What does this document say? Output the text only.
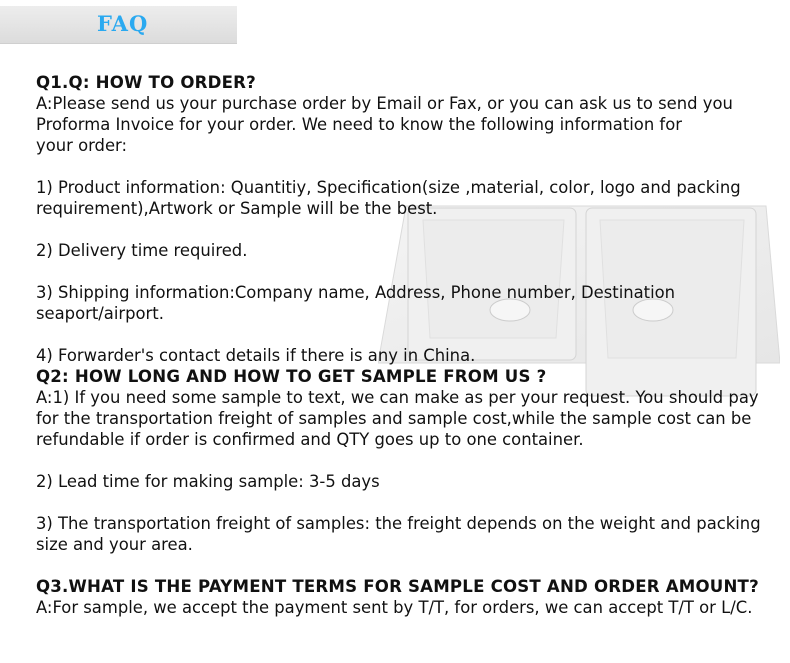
FAQ

Q1.Q: HOW TO ORDER?

A:Please send us your purchase order by Email or Fax, or you can ask us to send you

Proforma Invoice for your order. We need to know the following information for

your order:

1) Product information: Quantitiy, Specification(size ,material, color, logo and packing

requirement),Artwork or Sample will be the best.

2) Delivery time required.

3) Shipping information:Company name, Address, Phone number, Destination

seaport/airport.

4) Forwarder's contact details if there is any in China.

Q2: HOW LONG AND HOW TO GET SAMPLE FROM US ?

A:1) If you need some sample to text, we can make as per your request. You should pay

for the transportation freight of samples and sample cost,while the sample cost can be

refundable if order is confirmed and QTY goes up to one container.

2) Lead time for making sample: 3-5 days

3) The transportation freight of samples: the freight depends on the weight and packing

size and your area.

Q3.WHAT IS THE PAYMENT TERMS FOR SAMPLE COST AND ORDER AMOUNT?

A:For sample, we accept the payment sent by T/T, for orders, we can accept T/T or L/C.
